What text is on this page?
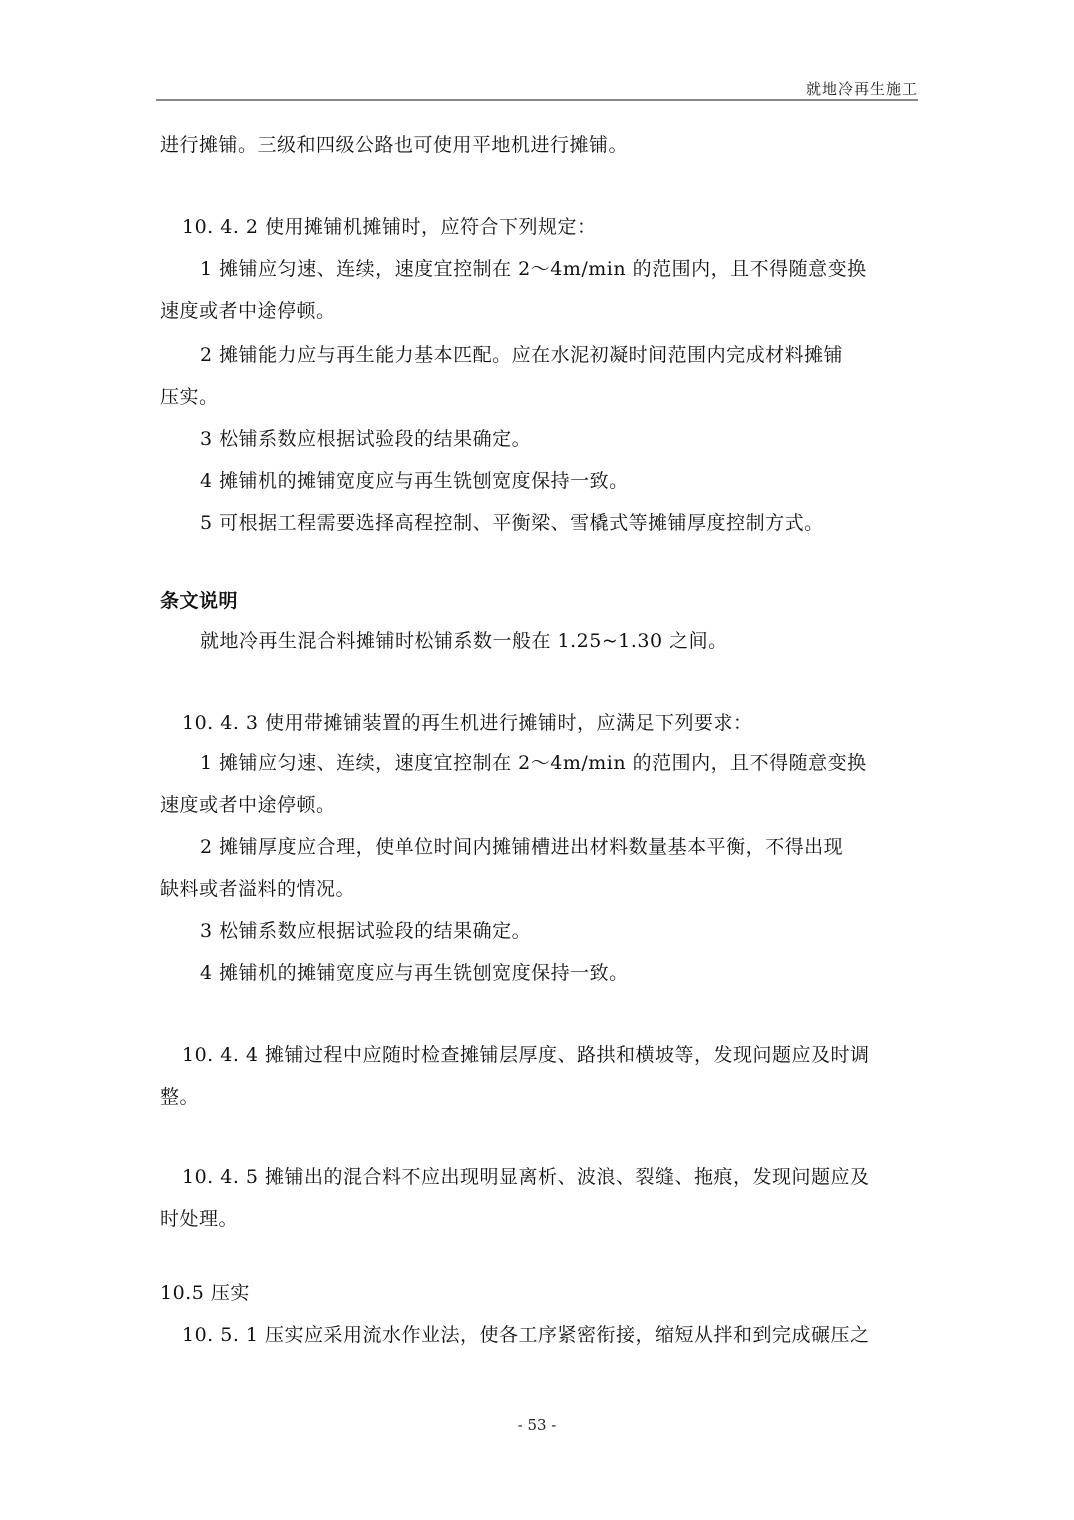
就地冷再生施工
进行摊铺。三级和四级公路也可使用平地机进行摊铺。
10. 4. 2 使用摊铺机摊铺时，应符合下列规定：
1 摊铺应匀速、连续，速度宜控制在 2～4m/min 的范围内，且不得随意变换
速度或者中途停顿。
2 摊铺能力应与再生能力基本匹配。应在水泥初凝时间范围内完成材料摊铺
压实。
3 松铺系数应根据试验段的结果确定。
4 摊铺机的摊铺宽度应与再生铣刨宽度保持一致。
5 可根据工程需要选择高程控制、平衡梁、雪橇式等摊铺厚度控制方式。
条文说明
就地冷再生混合料摊铺时松铺系数一般在 1.25~1.30 之间。
10. 4. 3 使用带摊铺装置的再生机进行摊铺时，应满足下列要求：
1 摊铺应匀速、连续，速度宜控制在 2～4m/min 的范围内，且不得随意变换
速度或者中途停顿。
2 摊铺厚度应合理，使单位时间内摊铺槽进出材料数量基本平衡，不得出现
缺料或者溢料的情况。
3 松铺系数应根据试验段的结果确定。
4 摊铺机的摊铺宽度应与再生铣刨宽度保持一致。
10. 4. 4 摊铺过程中应随时检查摊铺层厚度、路拱和横坡等，发现问题应及时调
整。
10. 4. 5 摊铺出的混合料不应出现明显离析、波浪、裂缝、拖痕，发现问题应及
时处理。
10.5 压实
10. 5. 1 压实应采用流水作业法，使各工序紧密衔接，缩短从拌和到完成碾压之
- 53 -
